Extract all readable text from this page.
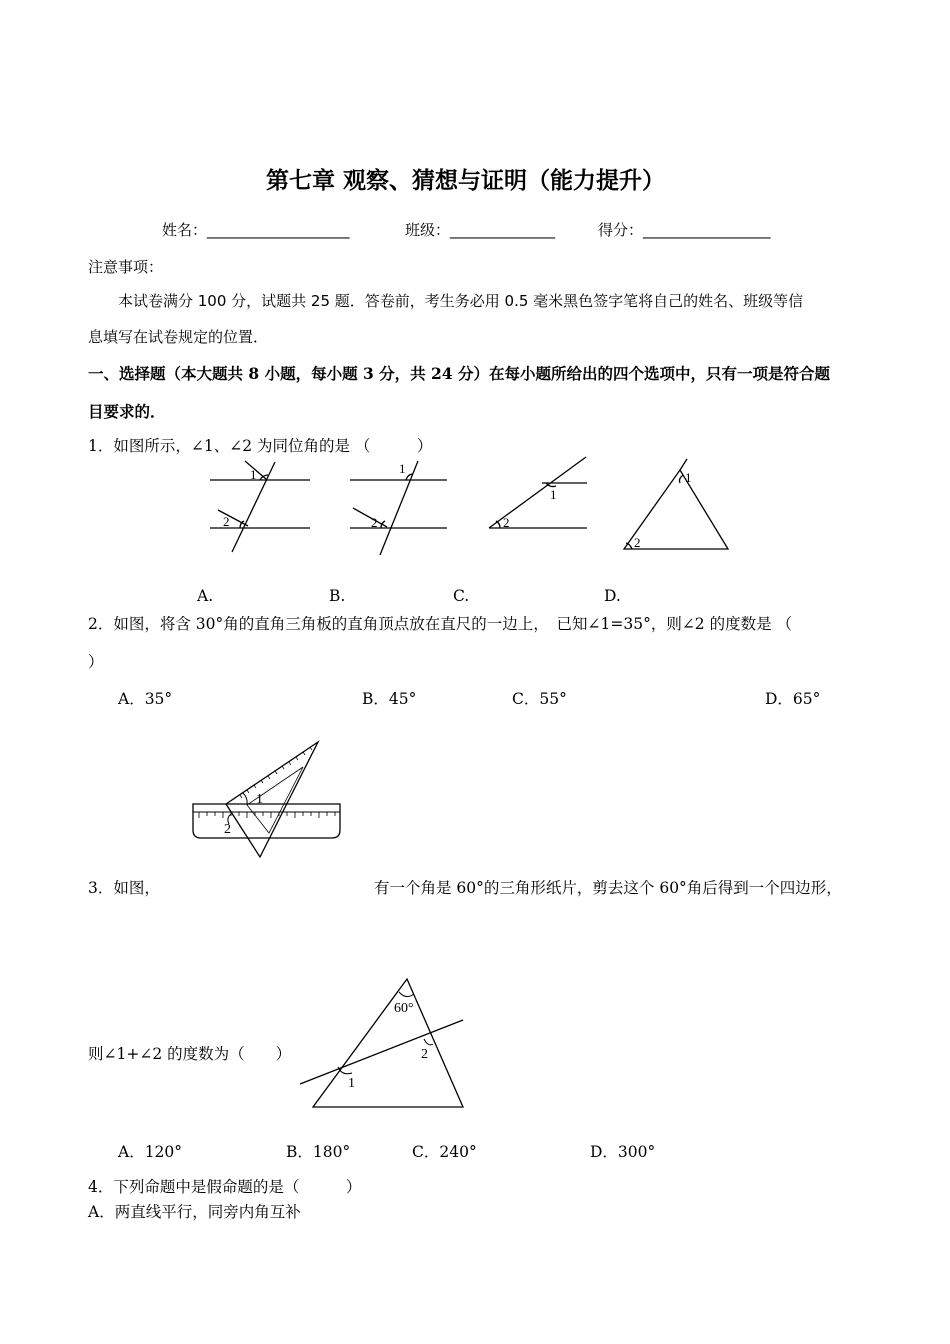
第七章 观察、猜想与证明（能力提升）
姓名：___________________	班级：______________	得分：_________________
注意事项：
本试卷满分 100 分，试题共 25 题．答卷前，考生务必用 0.5 毫米黑色签字笔将自己的姓名、班级等信
息填写在试卷规定的位置．
一、选择题（本大题共 8 小题，每小题 3 分，共 24 分）在每小题所给出的四个选项中，只有一项是符合题
目要求的．
1．如图所示，∠1、∠2 为同位角的是 （　　　）
1
2
1
2	2
1
1
2
A.	B.	C.	D.
2．如图，将含 30°角的直角三角板的直角顶点放在直尺的一边上，　已知∠1=35°，则∠2 的度数是 （
）
A．35°	B．45°	C．55°	D．65°
1
2
3．如图，	有一个角是 60°的三角形纸片，剪去这个 60°角后得到一个四边形，
则∠1+∠2 的度数为（　　）
60°
1
2
A．120°	B．180°	C．240°	D．300°
4．下列命题中是假命题的是（　　　）
A．两直线平行，同旁内角互补
